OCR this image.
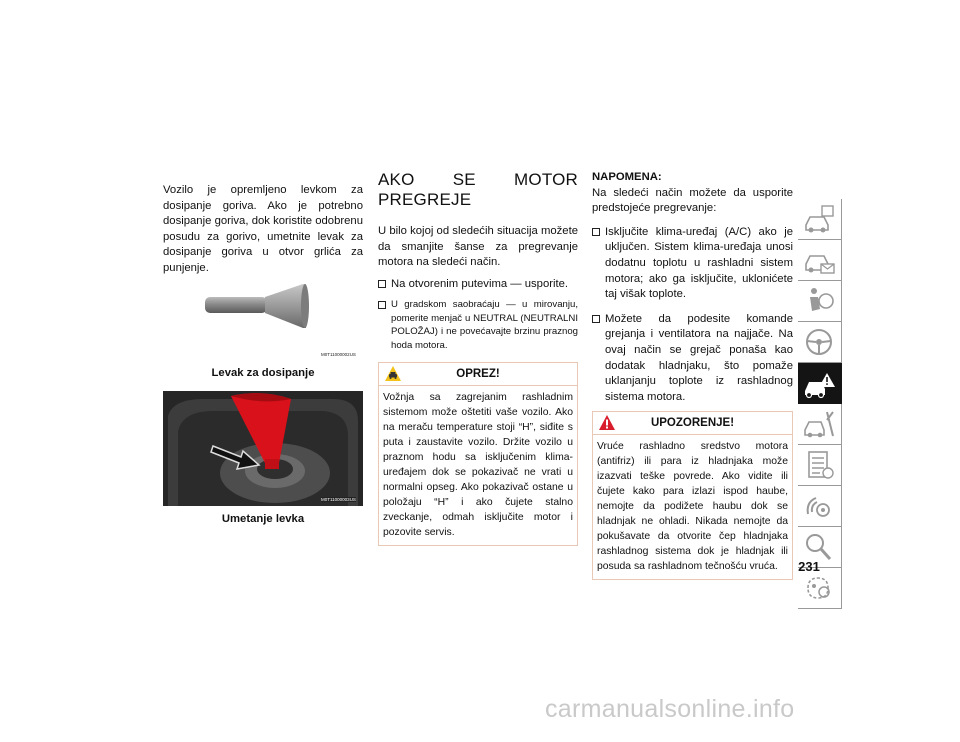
Vozilo je opremljeno levkom za dosipanje goriva. Ako je potrebno dosipanje goriva, dok koristite odobrenu posudu za gorivo, umetnite levak za dosipanje goriva u otvor grlića za punjenje.

M0T11000002US
Levak za dosipanje
M0T11000003US
Umetanje levka
AKO SE MOTOR PREGREJE

U bilo kojoj od sledećih situacija možete da smanjite šanse za pregrevanje motora na sledeći način.

Na otvorenim putevima — usporite.
U gradskom saobraćaju — u mirovanju, pomerite menjač u NEUTRAL (NEUTRALNI POLOŽAJ) i ne povećavajte brzinu praznog hoda motora.
OPREZ!
Vožnja sa zagrejanim rashladnim sistemom može oštetiti vaše vozilo. Ako na meraču temperature stoji “H”, siđite s puta i zaustavite vozilo. Držite vozilo u praznom hodu sa isključenim klima-uređajem dok se pokazivač ne vrati u normalni opseg. Ako pokazivač ostane u položaju “H” i ako čujete stalno zveckanje, odmah isključite motor i pozovite servis.
NAPOMENA:

Na sledeći način možete da usporite predstojeće pregrevanje:

Isključite klima-uređaj (A/C) ako je uključen. Sistem klima-uređaja unosi dodatnu toplotu u rashladni sistem motora; ako ga isključite, uklonićete taj višak toplote.
Možete da podesite komande grejanja i ventilatora na najjače. Na ovaj način se grejač ponaša kao dodatak hladnjaku, što pomaže uklanjanju toplote iz rashladnog sistema motora.
UPOZORENJE!
Vruće rashladno sredstvo motora (antifriz) ili para iz hladnjaka može izazvati teške povrede. Ako vidite ili čujete kako para izlazi ispod haube, nemojte da podižete haubu dok se hladnjak ne ohladi. Nikada nemojte da pokušavate da otvorite čep hladnjaka rashladnog sistema dok je hladnjak ili posuda sa rashladnom tečnošću vruća.	231
carmanualsonline.info
